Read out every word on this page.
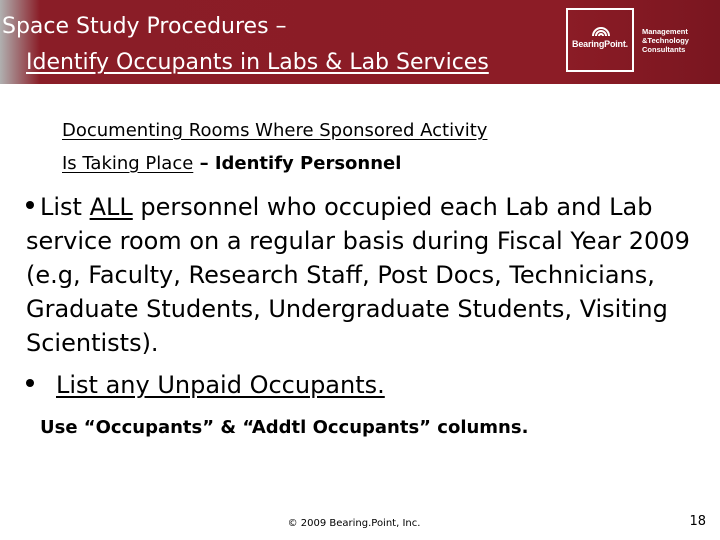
Space Study Procedures –
Identify Occupants in Labs & Lab Services
BearingPoint.
Management
&Technology
Consultants
Documenting Rooms Where Sponsored Activity
Is Taking Place – Identify Personnel
List ALL personnel who occupied each Lab and Lab service room on a regular basis during Fiscal Year 2009 (e.g, Faculty, Research Staff, Post Docs, Technicians, Graduate Students, Undergraduate Students, Visiting Scientists).
List any Unpaid Occupants.
Use “Occupants” & “Addtl Occupants” columns.
© 2009 Bearing.Point, Inc.	18
